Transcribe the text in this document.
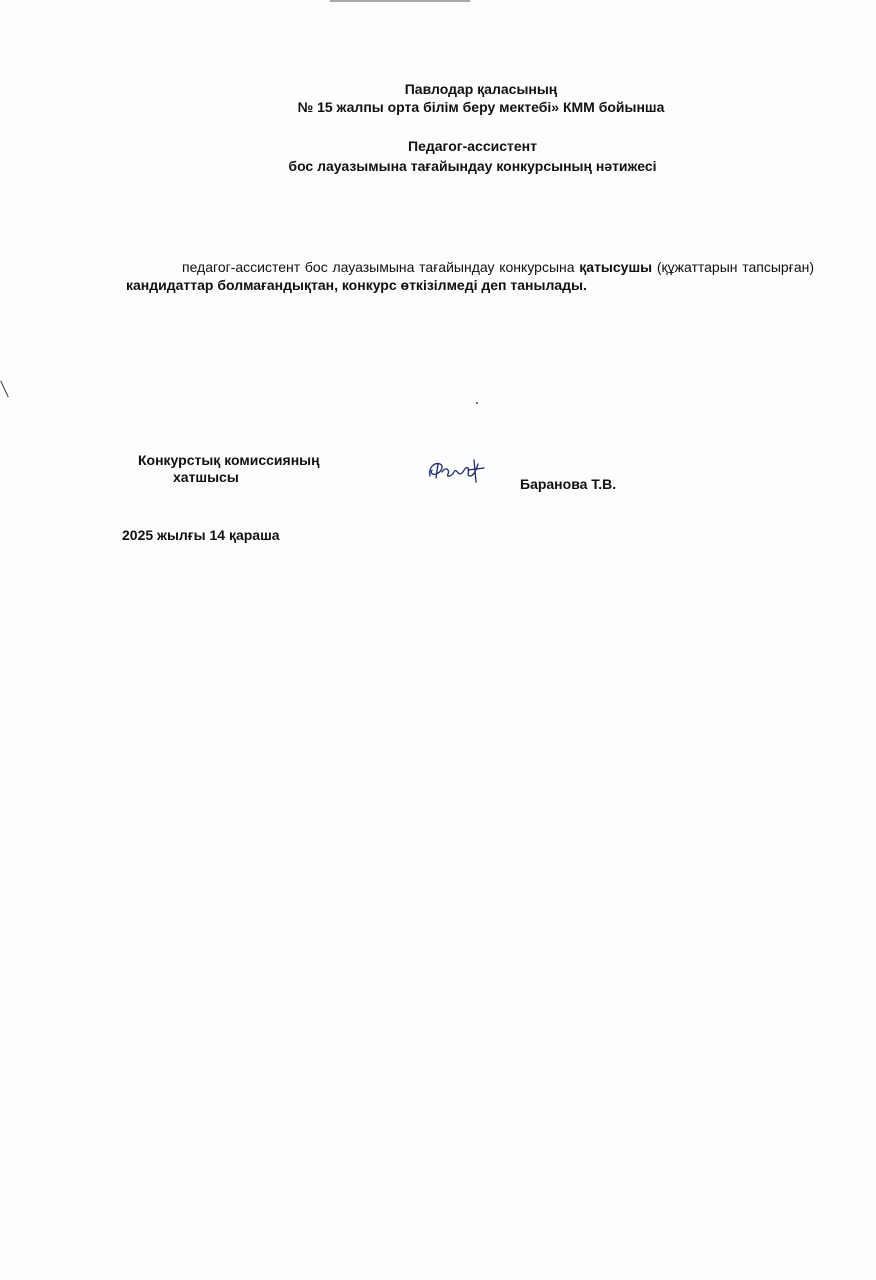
Павлодар қаласының
№ 15 жалпы орта білім беру мектебі» КММ бойынша
Педагог-ассистент
бос лауазымына тағайындау конкурсының нәтижесі

педагог-ассистент бос лауазымына тағайындау конкурсына қатысушы (құжаттарын тапсырған) кандидаттар болмағандықтан, конкурс өткізілмеді деп танылады.

Конкурстық комиссияның
хатшысы	Баранова Т.В.
2025 жылғы 14 қараша
